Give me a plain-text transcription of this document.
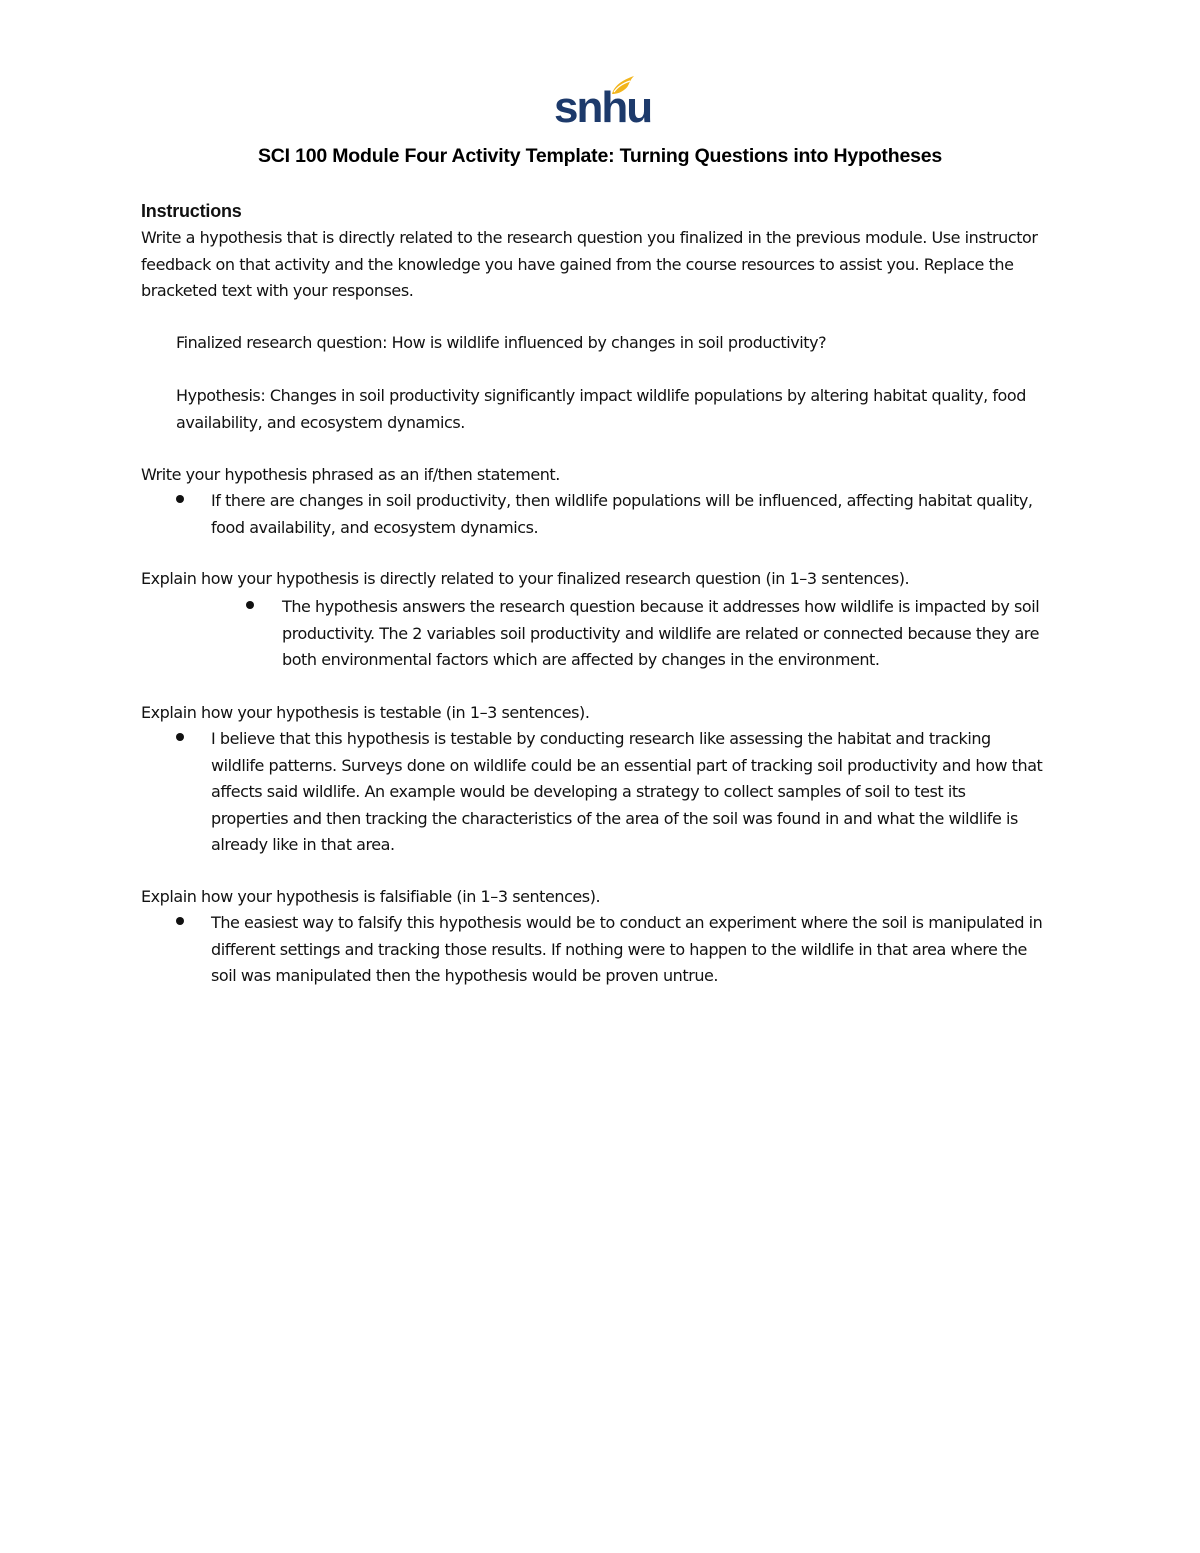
snhu
SCI 100 Module Four Activity Template: Turning Questions into Hypotheses
Instructions
Write a hypothesis that is directly related to the research question you finalized in the previous module. Use instructor feedback on that activity and the knowledge you have gained from the course resources to assist you. Replace the bracketed text with your responses.
Finalized research question: How is wildlife influenced by changes in soil productivity?
Hypothesis: Changes in soil productivity significantly impact wildlife populations by altering habitat quality, food availability, and ecosystem dynamics.
Write your hypothesis phrased as an if/then statement.
If there are changes in soil productivity, then wildlife populations will be influenced, affecting habitat quality, food availability, and ecosystem dynamics.
Explain how your hypothesis is directly related to your finalized research question (in 1–3 sentences).
The hypothesis answers the research question because it addresses how wildlife is impacted by soil productivity. The 2 variables soil productivity and wildlife are related or connected because they are both environmental factors which are affected by changes in the environment.
Explain how your hypothesis is testable (in 1–3 sentences).
I believe that this hypothesis is testable by conducting research like assessing the habitat and tracking wildlife patterns. Surveys done on wildlife could be an essential part of tracking soil productivity and how that affects said wildlife. An example would be developing a strategy to collect samples of soil to test its properties and then tracking the characteristics of the area of the soil was found in and what the wildlife is already like in that area.
Explain how your hypothesis is falsifiable (in 1–3 sentences).
The easiest way to falsify this hypothesis would be to conduct an experiment where the soil is manipulated in different settings and tracking those results. If nothing were to happen to the wildlife in that area where the soil was manipulated then the hypothesis would be proven untrue.
